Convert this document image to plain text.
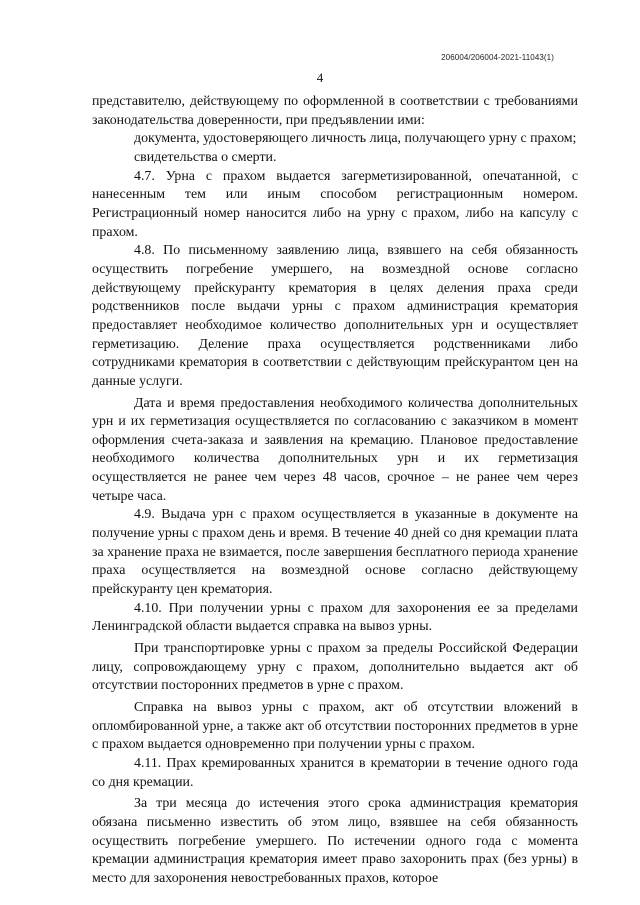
206004/206004-2021-11043(1)
4

представителю, действующему по оформленной в соответствии с требованиями законодательства доверенности, при предъявлении ими:

документа, удостоверяющего личность лица, получающего урну с прахом;

свидетельства о смерти.

4.7. Урна с прахом выдается загерметизированной, опечатанной, с нанесенным тем или иным способом регистрационным номером. Регистрационный номер наносится либо на урну с прахом, либо на капсулу с прахом.

4.8. По письменному заявлению лица, взявшего на себя обязанность осуществить погребение умершего, на возмездной основе согласно действующему прейскуранту крематория в целях деления праха среди родственников после выдачи урны с прахом администрация крематория предоставляет необходимое количество дополнительных урн и осуществляет герметизацию. Деление праха осуществляется родственниками либо сотрудниками крематория в соответствии с действующим прейскурантом цен на данные услуги.

Дата и время предоставления необходимого количества дополнительных урн и их герметизация осуществляется по согласованию с заказчиком в момент оформления счета-заказа и заявления на кремацию. Плановое предоставление необходимого количества дополнительных урн и их герметизация осуществляется не ранее чем через 48 часов, срочное – не ранее чем через четыре часа.

4.9. Выдача урн с прахом осуществляется в указанные в документе на получение урны с прахом день и время. В течение 40 дней со дня кремации плата за хранение праха не взимается, после завершения бесплатного периода хранение праха осуществляется на возмездной основе согласно действующему прейскуранту цен крематория.

4.10. При получении урны с прахом для захоронения ее за пределами Ленинградской области выдается справка на вывоз урны.

При транспортировке урны с прахом за пределы Российской Федерации лицу, сопровождающему урну с прахом, дополнительно выдается акт об отсутствии посторонних предметов в урне с прахом.

Справка на вывоз урны с прахом, акт об отсутствии вложений в опломбированной урне, а также акт об отсутствии посторонних предметов в урне с прахом выдается одновременно при получении урны с прахом.

4.11. Прах кремированных хранится в крематории в течение одного года со дня кремации.

За три месяца до истечения этого срока администрация крематория обязана письменно известить об этом лицо, взявшее на себя обязанность осуществить погребение умершего. По истечении одного года с момента кремации администрация крематория имеет право захоронить прах (без урны) в место для захоронения невостребованных прахов, которое
